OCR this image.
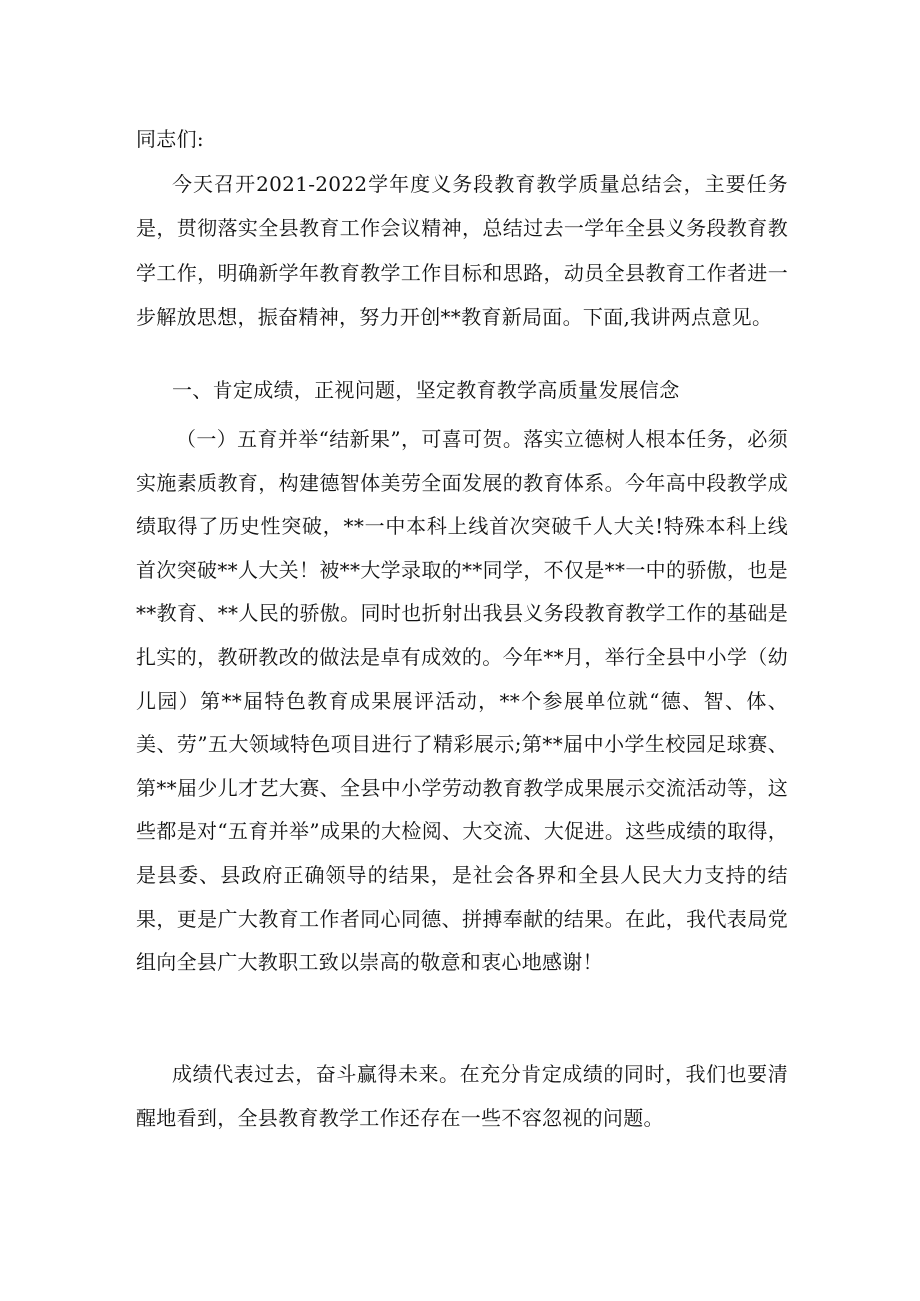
同志们:

今天召开2021-2022学年度义务段教育教学质量总结会，主要任务是，贯彻落实全县教育工作会议精神，总结过去一学年全县义务段教育教学工作，明确新学年教育教学工作目标和思路，动员全县教育工作者进一步解放思想，振奋精神，努力开创**教育新局面。下面,我讲两点意见。

一、肯定成绩，正视问题，坚定教育教学高质量发展信念

（一）五育并举“结新果”，可喜可贺。落实立德树人根本任务，必须实施素质教育，构建德智体美劳全面发展的教育体系。今年高中段教学成绩取得了历史性突破，**一中本科上线首次突破千人大关!特殊本科上线首次突破**人大关！被**大学录取的**同学，不仅是**一中的骄傲，也是**教育、**人民的骄傲。同时也折射出我县义务段教育教学工作的基础是扎实的，教研教改的做法是卓有成效的。今年**月，举行全县中小学（幼儿园）第**届特色教育成果展评活动，**个参展单位就“德、智、体、美、劳”五大领域特色项目进行了精彩展示;第**届中小学生校园足球赛、第**届少儿才艺大赛、全县中小学劳动教育教学成果展示交流活动等，这些都是对“五育并举”成果的大检阅、大交流、大促进。这些成绩的取得，是县委、县政府正确领导的结果，是社会各界和全县人民大力支持的结果，更是广大教育工作者同心同德、拼搏奉献的结果。在此，我代表局党组向全县广大教职工致以崇高的敬意和衷心地感谢！

成绩代表过去，奋斗赢得未来。在充分肯定成绩的同时，我们也要清醒地看到，全县教育教学工作还存在一些不容忽视的问题。
